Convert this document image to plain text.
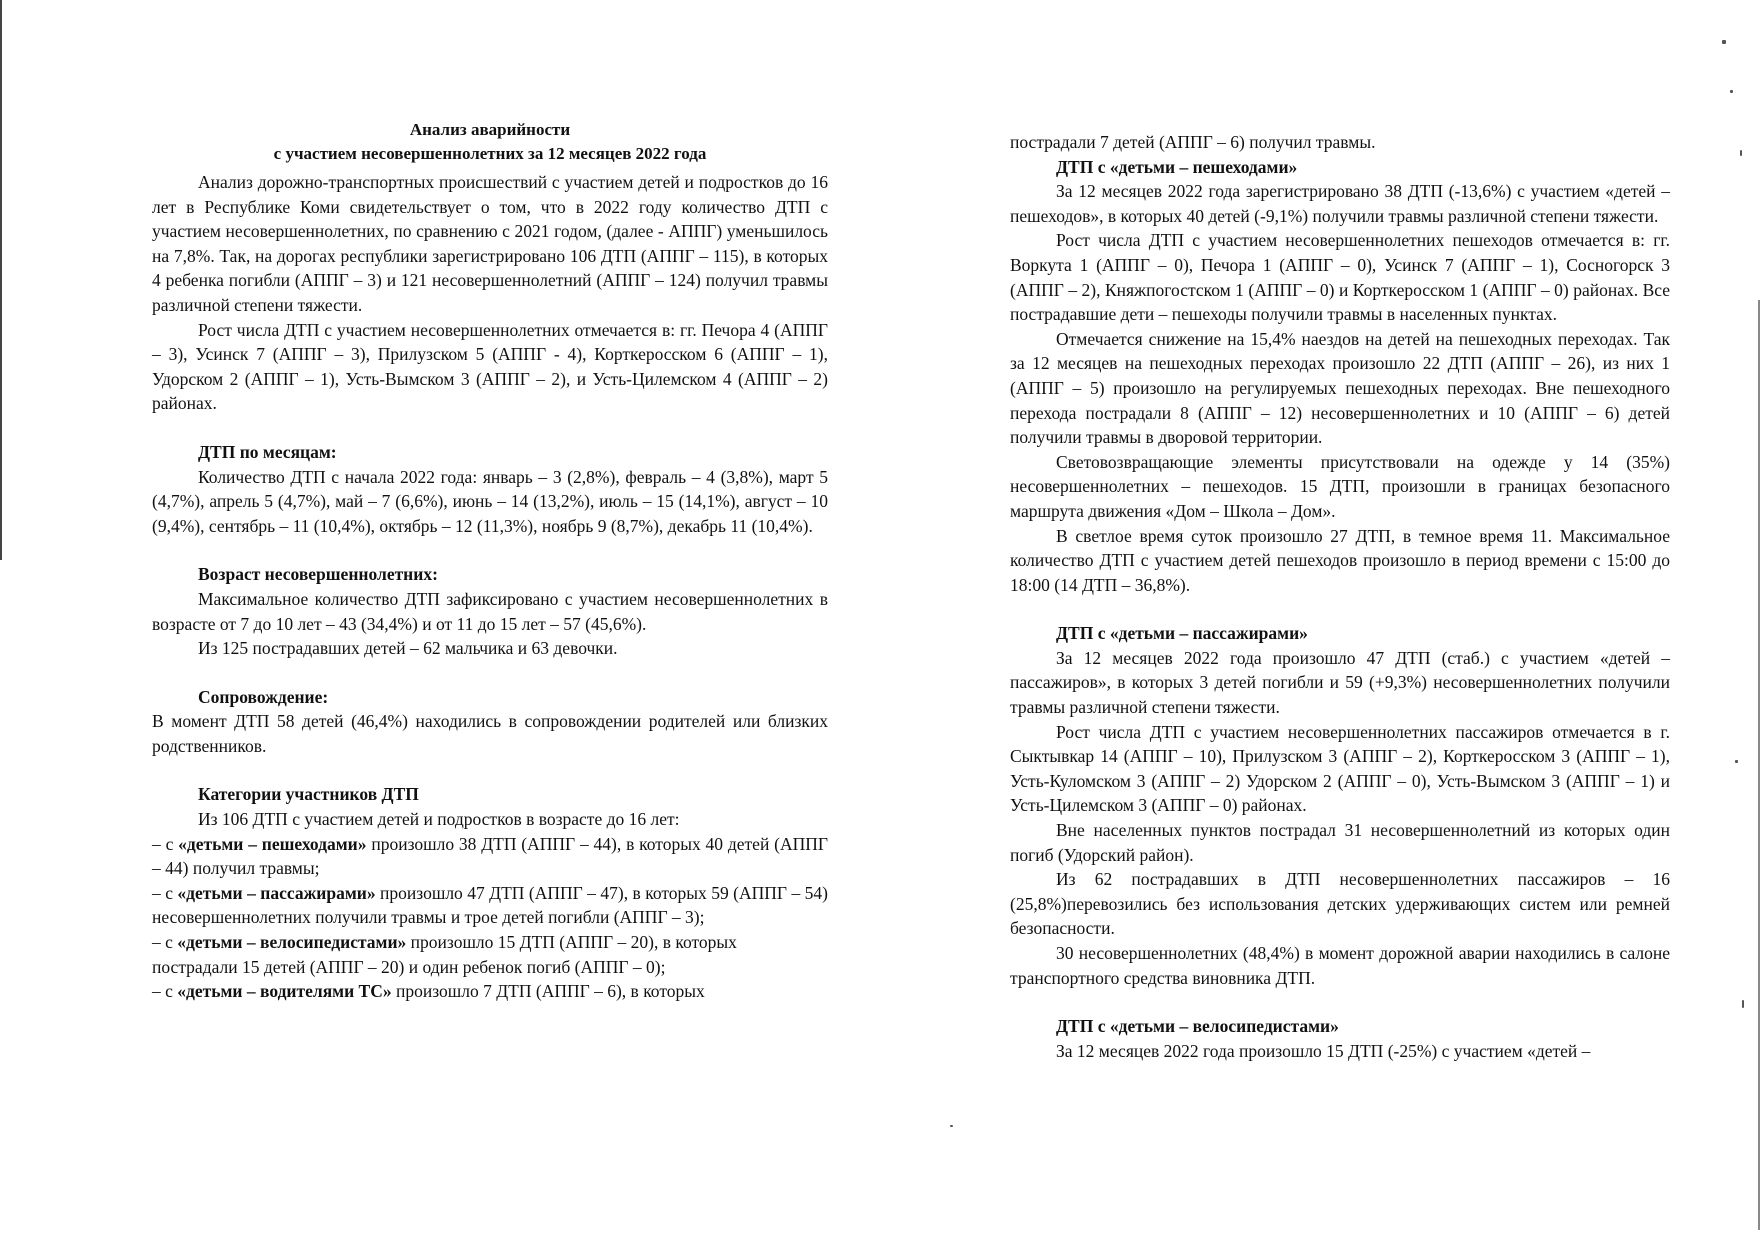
Анализ аварийности
с участием несовершеннолетних за 12 месяцев 2022 года

Анализ дорожно-транспортных происшествий с участием детей и подростков до 16 лет в Республике Коми свидетельствует о том, что в 2022 году количество ДТП с участием несовершеннолетних, по сравнению с 2021 годом, (далее - АППГ) уменьшилось на 7,8%. Так, на дорогах республики зарегистрировано 106 ДТП (АППГ – 115), в которых 4 ребенка погибли (АППГ – 3) и 121 несовершеннолетний (АППГ – 124) получил травмы различной степени тяжести.

Рост числа ДТП с участием несовершеннолетних отмечается в: гг. Печора 4 (АППГ – 3), Усинск 7 (АППГ – 3), Прилузском 5 (АППГ - 4), Корткеросском 6 (АППГ – 1), Удорском 2 (АППГ – 1), Усть-Вымском 3 (АППГ – 2), и Усть-Цилемском 4 (АППГ – 2) районах.

ДТП по месяцам:

Количество ДТП с начала 2022 года: январь – 3 (2,8%), февраль – 4 (3,8%), март 5 (4,7%), апрель 5 (4,7%), май – 7 (6,6%), июнь – 14 (13,2%), июль – 15 (14,1%), август – 10 (9,4%), сентябрь – 11 (10,4%), октябрь – 12 (11,3%), ноябрь 9 (8,7%), декабрь 11 (10,4%).

Возраст несовершеннолетних:

Максимальное количество ДТП зафиксировано с участием несовершеннолетних в возрасте от 7 до 10 лет – 43 (34,4%) и от 11 до 15 лет – 57 (45,6%).

Из 125 пострадавших детей – 62 мальчика и 63 девочки.

Сопровождение:

В момент ДТП 58 детей (46,4%) находились в сопровождении родителей или близких родственников.

Категории участников ДТП

Из 106 ДТП с участием детей и подростков в возрасте до 16 лет:

– с «детьми – пешеходами» произошло 38 ДТП (АППГ – 44), в которых 40 детей (АППГ – 44) получил травмы;

– с «детьми – пассажирами» произошло 47 ДТП (АППГ – 47), в которых 59 (АППГ – 54) несовершеннолетних получили травмы и трое детей погибли (АППГ – 3);

– с «детьми – велосипедистами» произошло 15 ДТП (АППГ – 20), в которых

пострадали 15 детей (АППГ – 20) и один ребенок погиб (АППГ – 0);

– с «детьми – водителями ТС» произошло 7 ДТП (АППГ – 6), в которых

пострадали 7 детей (АППГ – 6) получил травмы.

ДТП с «детьми – пешеходами»

За 12 месяцев 2022 года зарегистрировано 38 ДТП (-13,6%) с участием «детей – пешеходов», в которых 40 детей (-9,1%) получили травмы различной степени тяжести.

Рост числа ДТП с участием несовершеннолетних пешеходов отмечается в: гг. Воркута 1 (АППГ – 0), Печора 1 (АППГ – 0), Усинск 7 (АППГ – 1), Сосногорск 3 (АППГ – 2), Княжпогостском 1 (АППГ – 0) и Корткеросском 1 (АППГ – 0) районах. Все пострадавшие дети – пешеходы получили травмы в населенных пунктах.

Отмечается снижение на 15,4% наездов на детей на пешеходных переходах. Так за 12 месяцев на пешеходных переходах произошло 22 ДТП (АППГ – 26), из них 1 (АППГ – 5) произошло на регулируемых пешеходных переходах. Вне пешеходного перехода пострадали 8 (АППГ – 12) несовершеннолетних и 10 (АППГ – 6) детей получили травмы в дворовой территории.

Световозвращающие элементы присутствовали на одежде у 14 (35%) несовершеннолетних – пешеходов. 15 ДТП, произошли в границах безопасного маршрута движения «Дом – Школа – Дом».

В светлое время суток произошло 27 ДТП, в темное время 11. Максимальное количество ДТП с участием детей пешеходов произошло в период времени с 15:00 до 18:00 (14 ДТП – 36,8%).

ДТП с «детьми – пассажирами»

За 12 месяцев 2022 года произошло 47 ДТП (стаб.) с участием «детей – пассажиров», в которых 3 детей погибли и 59 (+9,3%) несовершеннолетних получили травмы различной степени тяжести.

Рост числа ДТП с участием несовершеннолетних пассажиров отмечается в г. Сыктывкар 14 (АППГ – 10), Прилузском 3 (АППГ – 2), Корткеросском 3 (АППГ – 1), Усть-Куломском 3 (АППГ – 2) Удорском 2 (АППГ – 0), Усть-Вымском 3 (АППГ – 1) и Усть-Цилемском 3 (АППГ – 0) районах.

Вне населенных пунктов пострадал 31 несовершеннолетний из которых один погиб (Удорский район).

Из 62 пострадавших в ДТП несовершеннолетних пассажиров – 16 (25,8%)перевозились без использования детских удерживающих систем или ремней безопасности.

30 несовершеннолетних (48,4%) в момент дорожной аварии находились в салоне транспортного средства виновника ДТП.

ДТП с «детьми – велосипедистами»

За 12 месяцев 2022 года произошло 15 ДТП (-25%) с участием «детей –
